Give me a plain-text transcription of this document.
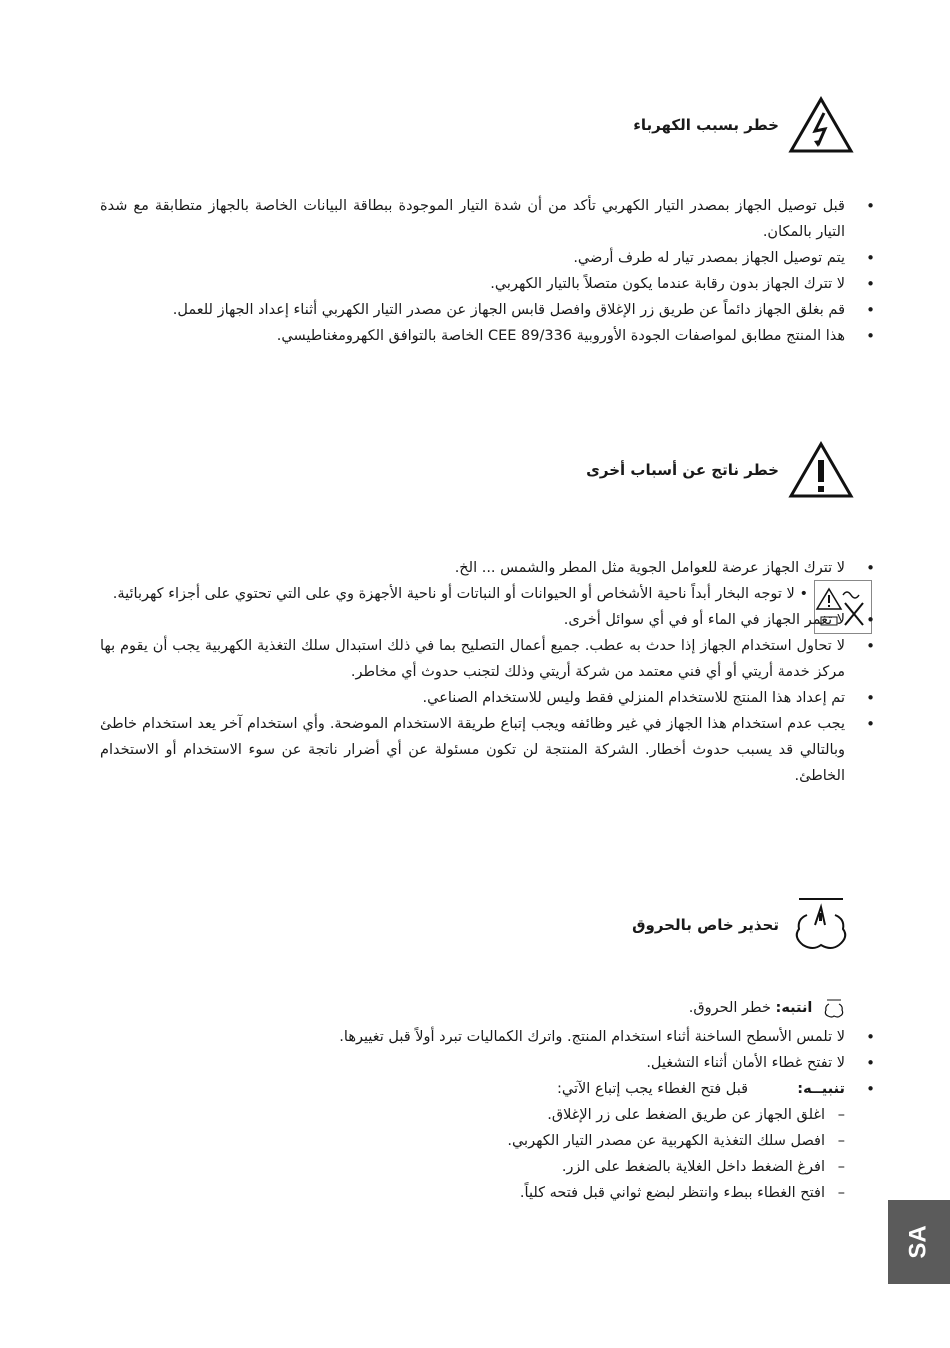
خطر بسبب الكهرباء
• قبل توصيل الجهاز بمصدر التيار الكهربي تأكد من أن شدة التيار الموجودة ببطاقة البيانات الخاصة بالجهاز متطابقة مع شدة التيار بالمكان.
• يتم توصيل الجهاز بمصدر تيار له طرف أرضي.
• لا تترك الجهاز بدون رقابة عندما يكون متصلاً بالتيار الكهربي.
• قم بغلق الجهاز دائماً عن طريق زر الإغلاق وافصل قابس الجهاز عن مصدر التيار الكهربي أثناء إعداد الجهاز للعمل.
• هذا المنتج مطابق لمواصفات الجودة الأوروبية 89/336 CEE الخاصة بالتوافق الكهرومغناطيسي.
خطر ناتج عن أسباب أخرى
• لا تترك الجهاز عرضة للعوامل الجوية مثل المطر والشمس ... الخ.
• لا توجه البخار أبداً ناحية الأشخاص أو الحيوانات أو النباتات أو ناحية الأجهزة وي على التي تحتوي على أجزاء كهربائية.
• لا تغمر الجهاز في الماء أو في أي سوائل أخرى.
• لا تحاول استخدام الجهاز إذا حدث به عطب. جميع أعمال التصليح بما في ذلك استبدال سلك التغذية الكهربية يجب أن يقوم بها مركز خدمة أريتي أو أي فني معتمد من شركة أريتي وذلك لتجنب حدوث أي مخاطر.
• تم إعداد هذا المنتج للاستخدام المنزلي فقط وليس للاستخدام الصناعي.
• يجب عدم استخدام هذا الجهاز في غير وظائفه ويجب إتباع طريقة الاستخدام الموضحة. وأي استخدام آخر يعد استخدام خاطئ وبالتالي قد يسبب حدوث أخطار. الشركة المنتجة لن تكون مسئولة عن أي أضرار ناتجة عن سوء الاستخدام أو الاستخدام الخاطئ.
تحذير خاص بالحروق
انتبه: خطر الحروق.
• لا تلمس الأسطح الساخنة أثناء استخدام المنتج. واترك الكماليات تبرد أولاً قبل تغييرها.
• لا تفتح غطاء الأمان أثناء التشغيل.
• تنبيــه:  قبل فتح الغطاء يجب إتباع الآتي:
– اغلق الجهاز عن طريق الضغط على زر الإغلاق.
– افصل سلك التغذية الكهربية عن مصدر التيار الكهربي.
– افرغ الضغط داخل الغلاية بالضغط على الزر.
– افتح الغطاء ببطء وانتظر لبضع ثواني قبل فتحه كلياً.
SA
